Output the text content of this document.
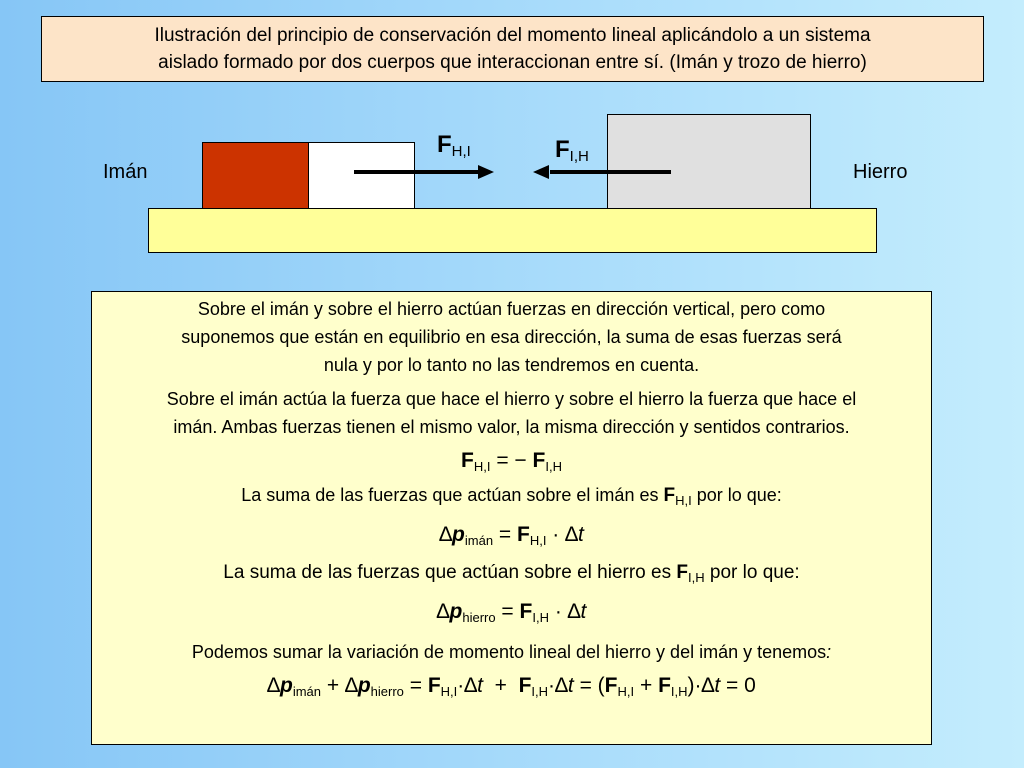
Ilustración del principio de conservación del momento lineal aplicándolo a un sistema
aislado formado por dos cuerpos que interaccionan entre sí. (Imán y trozo de hierro)
Imán	Hierro
$F_{H,I}$	$F_{I,H}$

Sobre el imán y sobre el hierro actúan fuerzas en dirección vertical, pero como

suponemos que están en equilibrio en esa dirección, la suma de esas fuerzas será

nula y por lo tanto no las tendremos en cuenta.

Sobre el imán actúa la fuerza que hace el hierro y sobre el hierro la fuerza que hace el

imán. Ambas fuerzas tienen el mismo valor, la misma dirección y sentidos contrarios.

$F_{H,I}$ = − $F_{I,H}$

La suma de las fuerzas que actúan sobre el imán es $F_{H,I}$ por lo que:

$\Delta p_{imán} = F_{H,I} \cdot \Delta t$

La suma de las fuerzas que actúan sobre el hierro es $F_{I,H}$ por lo que:

$\Delta p_{hierro} = F_{I,H} \cdot \Delta t$

Podemos sumar la variación de momento lineal del hierro y del imán y tenemos:

$\Delta p_{imán} + \Delta p_{hierro} = F_{H,I}\cdot\Delta t + F_{I,H}\cdot\Delta t = (F_{H,I} + F_{I,H})\cdot\Delta t = 0$
